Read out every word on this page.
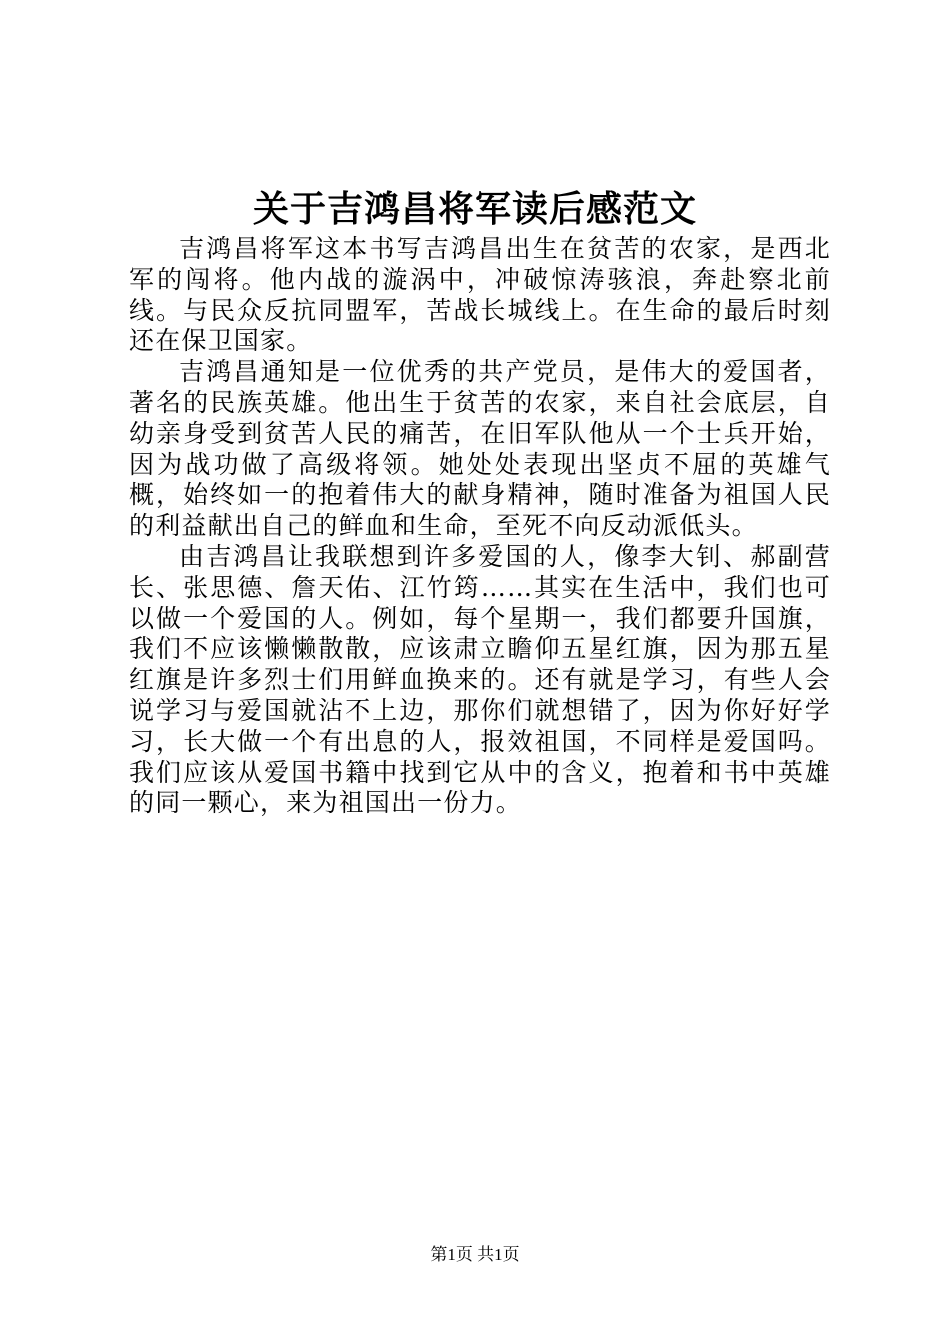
关于吉鸿昌将军读后感范文

吉鸿昌将军这本书写吉鸿昌出生在贫苦的农家，是西北军的闯将。他内战的漩涡中，冲破惊涛骇浪，奔赴察北前线。与民众反抗同盟军，苦战长城线上。在生命的最后时刻还在保卫国家。

吉鸿昌通知是一位优秀的共产党员，是伟大的爱国者，著名的民族英雄。他出生于贫苦的农家，来自社会底层，自幼亲身受到贫苦人民的痛苦，在旧军队他从一个士兵开始，因为战功做了高级将领。她处处表现出坚贞不屈的英雄气概，始终如一的抱着伟大的献身精神，随时准备为祖国人民的利益献出自己的鲜血和生命，至死不向反动派低头。

由吉鸿昌让我联想到许多爱国的人，像李大钊、郝副营长、张思德、詹天佑、江竹筠……其实在生活中，我们也可以做一个爱国的人。例如，每个星期一，我们都要升国旗，我们不应该懒懒散散，应该肃立瞻仰五星红旗，因为那五星红旗是许多烈士们用鲜血换来的。还有就是学习，有些人会说学习与爱国就沾不上边，那你们就想错了，因为你好好学习，长大做一个有出息的人，报效祖国，不同样是爱国吗。我们应该从爱国书籍中找到它从中的含义，抱着和书中英雄的同一颗心，来为祖国出一份力。

第1页 共1页
